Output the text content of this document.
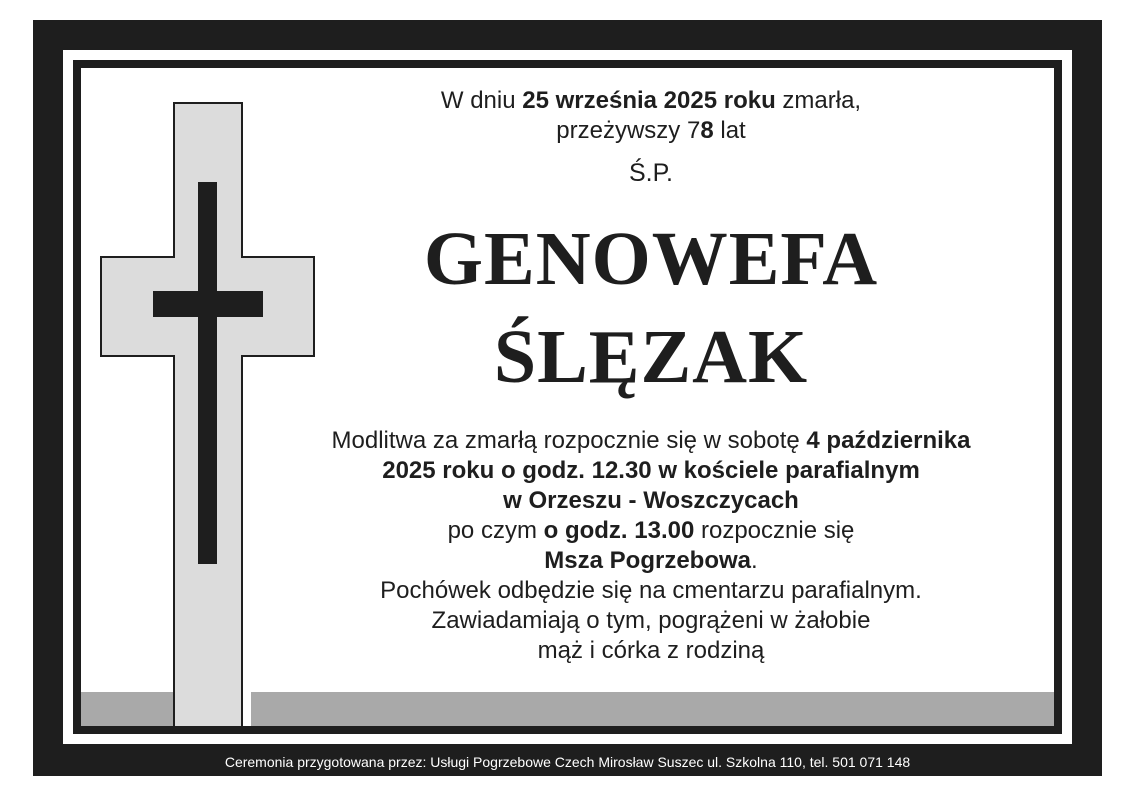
W dniu 25 września 2025 roku zmarła,
przeżywszy 78 lat
Ś.P.
GENOWEFA
ŚLĘZAK
Modlitwa za zmarłą rozpocznie się w sobotę 4 października
2025 roku o godz. 12.30 w kościele parafialnym
w Orzeszu - Woszczycach
po czym o godz. 13.00 rozpocznie się
Msza Pogrzebowa.
Pochówek odbędzie się na cmentarzu parafialnym.
Zawiadamiają o tym, pogrążeni w żałobie
mąż i córka z rodziną
Ceremonia przygotowana przez: Usługi Pogrzebowe Czech Mirosław Suszec ul. Szkolna 110, tel. 501 071 148
